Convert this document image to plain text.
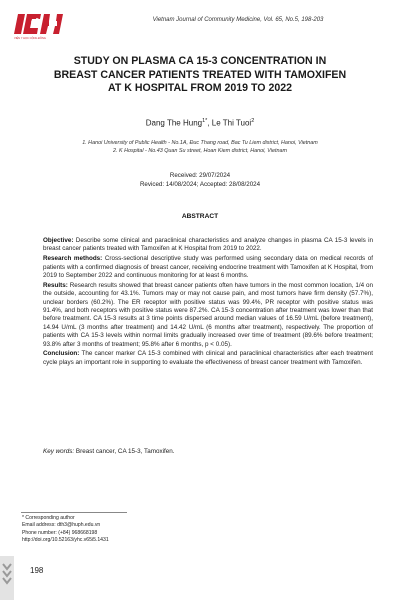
VIỆN Y HỌC CỘNG ĐỒNG
Vietnam Journal of Community Medicine, Vol. 65, No.5, 198-203
STUDY ON PLASMA CA 15-3 CONCENTRATION IN
BREAST CANCER PATIENTS TREATED WITH TAMOXIFEN
AT K HOSPITAL FROM 2019 TO 2022
Dang The Hung$^{1*}$, Le Thi Tuoi$^2$
1. Hanoi University of Public Health - No.1A, Đuc Thang road, Bac Tu Liem district, Hanoi, Vietnam
2. K Hospital - No.43 Quan Su street, Hoan Kiem district, Hanoi, Vietnam
Received: 29/07/2024
Reviced: 14/08/2024; Accepted: 28/08/2024
ABSTRACT

Objective: Describe some clinical and paraclinical characteristics and analyze changes in plasma CA 15-3 levels in breast cancer patients treated with Tamoxifen at K Hospital from 2019 to 2022.

Research methods: Cross-sectional descriptive study was performed using secondary data on medical records of patients with a confirmed diagnosis of breast cancer, receiving endocrine treatment with Tamoxifen at K Hospital, from 2019 to September 2022 and continuous monitoring for at least 6 months.

Results: Research results showed that breast cancer patients often have tumors in the most common location, 1/4 on the outside, accounting for 43.1%. Tumors may or may not cause pain, and most tumors have firm density (57.7%), unclear borders (60.2%). The ER receptor with positive status was 99.4%, PR receptor with positive status was 91.4%, and both receptors with positive status were 87.2%. CA 15-3 concentration after treatment was lower than that before treatment. CA 15-3 results at 3 time points dispersed around median values of 16.59 U/mL (before treatment), 14.94 U/mL (3 months after treatment) and 14.42 U/mL (6 months after treatment), respectively. The proportion of patients with CA 15-3 levels within normal limits gradually increased over time of treatment (89.6% before treatment; 93.8% after 3 months of treatment; 95.8% after 6 months, p < 0.05).

Conclusion: The cancer marker CA 15-3 combined with clinical and paraclinical characteristics after each treatment cycle plays an important role in supporting to evaluate the effectiveness of breast cancer treatment with Tamoxifen.

Key words: Breast cancer, CA 15-3, Tamoxifen.
* Corresponding author
Email address: dth3@huph.edu.vn
Phone number: (+84) 968668198
http://doi.org/10.52163/yhc.v65i5.1431
198
